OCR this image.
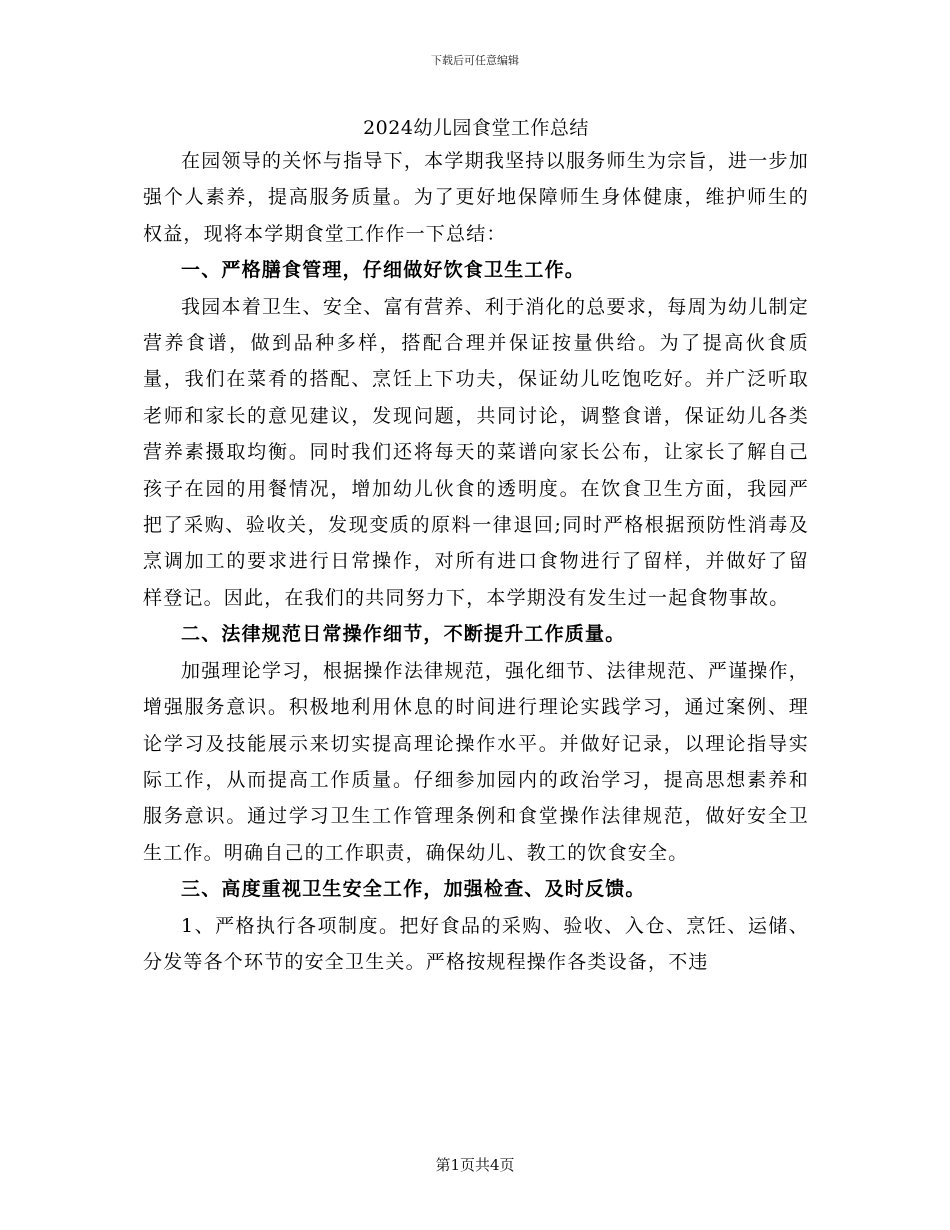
下载后可任意编辑
2024幼儿园食堂工作总结

在园领导的关怀与指导下，本学期我坚持以服务师生为宗旨，进一步加强个人素养，提高服务质量。为了更好地保障师生身体健康，维护师生的权益，现将本学期食堂工作作一下总结：

一、严格膳食管理，仔细做好饮食卫生工作。

我园本着卫生、安全、富有营养、利于消化的总要求，每周为幼儿制定营养食谱，做到品种多样，搭配合理并保证按量供给。为了提高伙食质量，我们在菜肴的搭配、烹饪上下功夫，保证幼儿吃饱吃好。并广泛听取老师和家长的意见建议，发现问题，共同讨论，调整食谱，保证幼儿各类营养素摄取均衡。同时我们还将每天的菜谱向家长公布，让家长了解自己孩子在园的用餐情况，增加幼儿伙食的透明度。在饮食卫生方面，我园严把了采购、验收关，发现变质的原料一律退回;同时严格根据预防性消毒及烹调加工的要求进行日常操作，对所有进口食物进行了留样，并做好了留样登记。因此，在我们的共同努力下，本学期没有发生过一起食物事故。

二、法律规范日常操作细节，不断提升工作质量。

加强理论学习，根据操作法律规范，强化细节、法律规范、严谨操作，增强服务意识。积极地利用休息的时间进行理论实践学习，通过案例、理论学习及技能展示来切实提高理论操作水平。并做好记录，以理论指导实际工作，从而提高工作质量。仔细参加园内的政治学习，提高思想素养和服务意识。通过学习卫生工作管理条例和食堂操作法律规范，做好安全卫生工作。明确自己的工作职责，确保幼儿、教工的饮食安全。

三、高度重视卫生安全工作，加强检查、及时反馈。

1、严格执行各项制度。把好食品的采购、验收、入仓、烹饪、运储、分发等各个环节的安全卫生关。严格按规程操作各类设备，不违

第1页共4页
